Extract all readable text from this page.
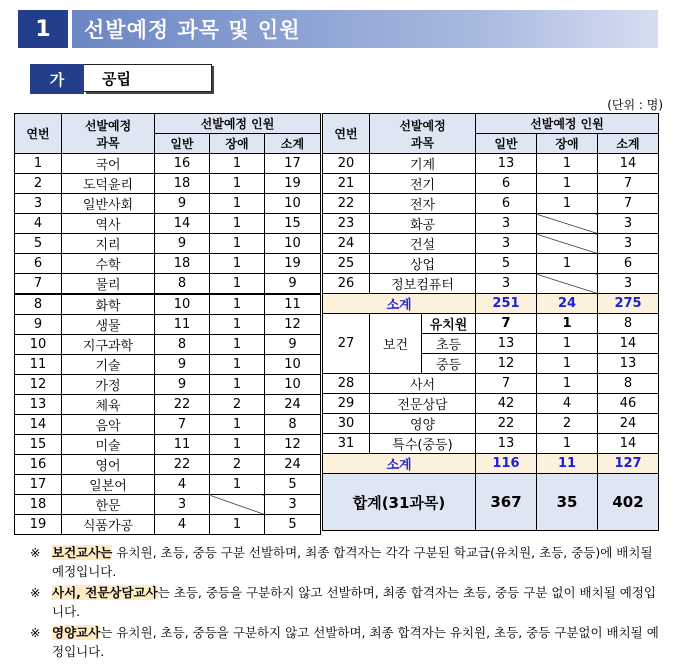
1	선발예정 과목 및 인원
가	공립
(단위 : 명)
연번	선발예정
과목	선발예정 인원		
		일반	장애	소계
1	국어	16	1	17
2	도덕윤리	18	1	19
3	일반사회	9	1	10
4	역사	14	1	15
5	지리	9	1	10
6	수학	18	1	19
7	물리	8	1	9
8	화학	10	1	11
9	생물	11	1	12
10	지구과학	8	1	9
11	기술	9	1	10
12	가정	9	1	10
13	체육	22	2	24
14	음악	7	1	8
15	미술	11	1	12
16	영어	22	2	24
17	일본어	4	1	5
18	한문	3		3
19	식품가공	4	1	5
연번	선발예정
과목		선발예정 인원		
			일반	장애	소계
20	기계		13	1	14
21	전기		6	1	7
22	전자		6	1	7
23	화공		3		3
24	건설		3		3
25	상업		5	1	6
26	정보컴퓨터		3		3
소계			251	24	275
27	보건	유치원	7	1	8
		초등	13	1	14
		중등	12	1	13
28	사서		7	1	8
29	전문상담		42	4	46
30	영양		22	2	24
31	특수(중등)		13	1	14
소계			116	11	127
합계(31과목)			367	35	402
※ 보건교사는 유치원, 초등, 중등 구분 선발하며, 최종 합격자는 각각 구분된 학교급(유치원, 초등, 중등)에 배치될 예정입니다.
※ 사서, 전문상담교사는 초등, 중등을 구분하지 않고 선발하며, 최종 합격자는 초등, 중등 구분 없이 배치될 예정입니다.
※ 영양교사는 유치원, 초등, 중등을 구분하지 않고 선발하며, 최종 합격자는 유치원, 초등, 중등 구분없이 배치될 예정입니다.
